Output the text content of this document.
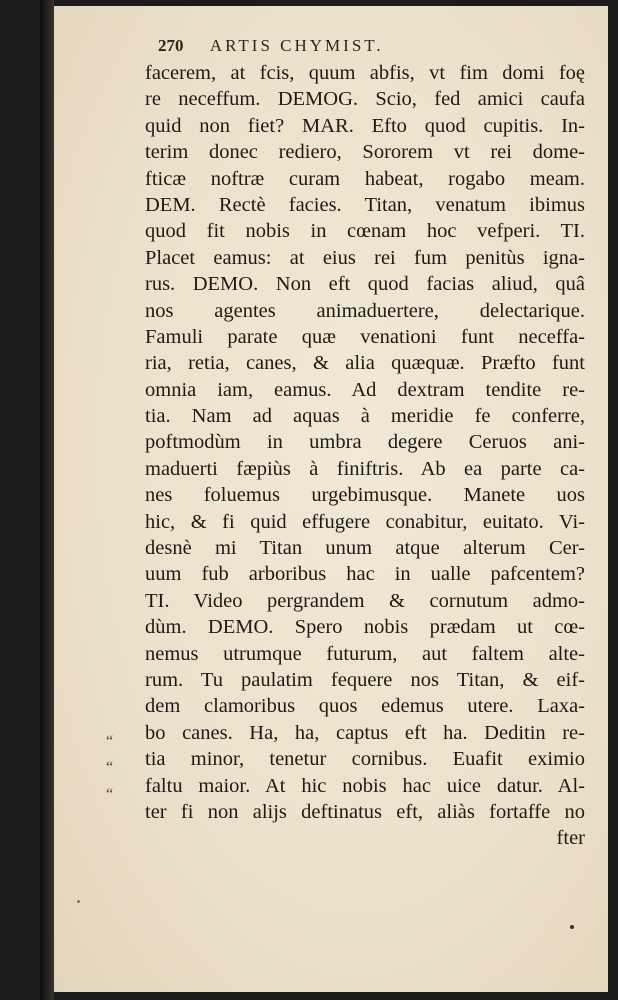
270 ARTIS CHYMIST.
facerem, at fcis, quum abfis, vt fim domi foę
re neceffum. DEMOG. Scio, fed amici caufa
quid non fiet? MAR. Efto quod cupitis. In-
terim donec rediero, Sororem vt rei dome-
fticæ noftræ curam habeat, rogabo meam.
DEM. Rectè facies. Titan, venatum ibimus
quod fit nobis in cœnam hoc vefperi. TI.
Placet eamus: at eius rei fum penitùs igna-
rus. DEMO. Non eft quod facias aliud, quâ
nos agentes animaduertere, delectarique.
Famuli parate quæ venationi funt neceffa-
ria, retia, canes, & alia quæquæ. Præfto funt
omnia iam, eamus. Ad dextram tendite re-
tia. Nam ad aquas à meridie fe conferre,
poftmodùm in umbra degere Ceruos ani-
maduerti fæpiùs à finiftris. Ab ea parte ca-
nes foluemus urgebimusque. Manete uos
hic, & fi quid effugere conabitur, euitato. Vi-
desnè mi Titan unum atque alterum Cer-
uum fub arboribus hac in ualle pafcentem?
TI. Video pergrandem & cornutum admo-
dùm. DEMO. Spero nobis prædam ut cœ-
nemus utrumque futurum, aut faltem alte-
rum. Tu paulatim fequere nos Titan, & eif-
dem clamoribus quos edemus utere. Laxa-
bo canes. Ha, ha, captus eft ha. Deditin re-
tia minor, tenetur cornibus. Euafit eximio
faltu maior. At hic nobis hac uice datur. Al-
ter fi non alijs deftinatus eft, aliàs fortaffe no
fter
“
“
“
